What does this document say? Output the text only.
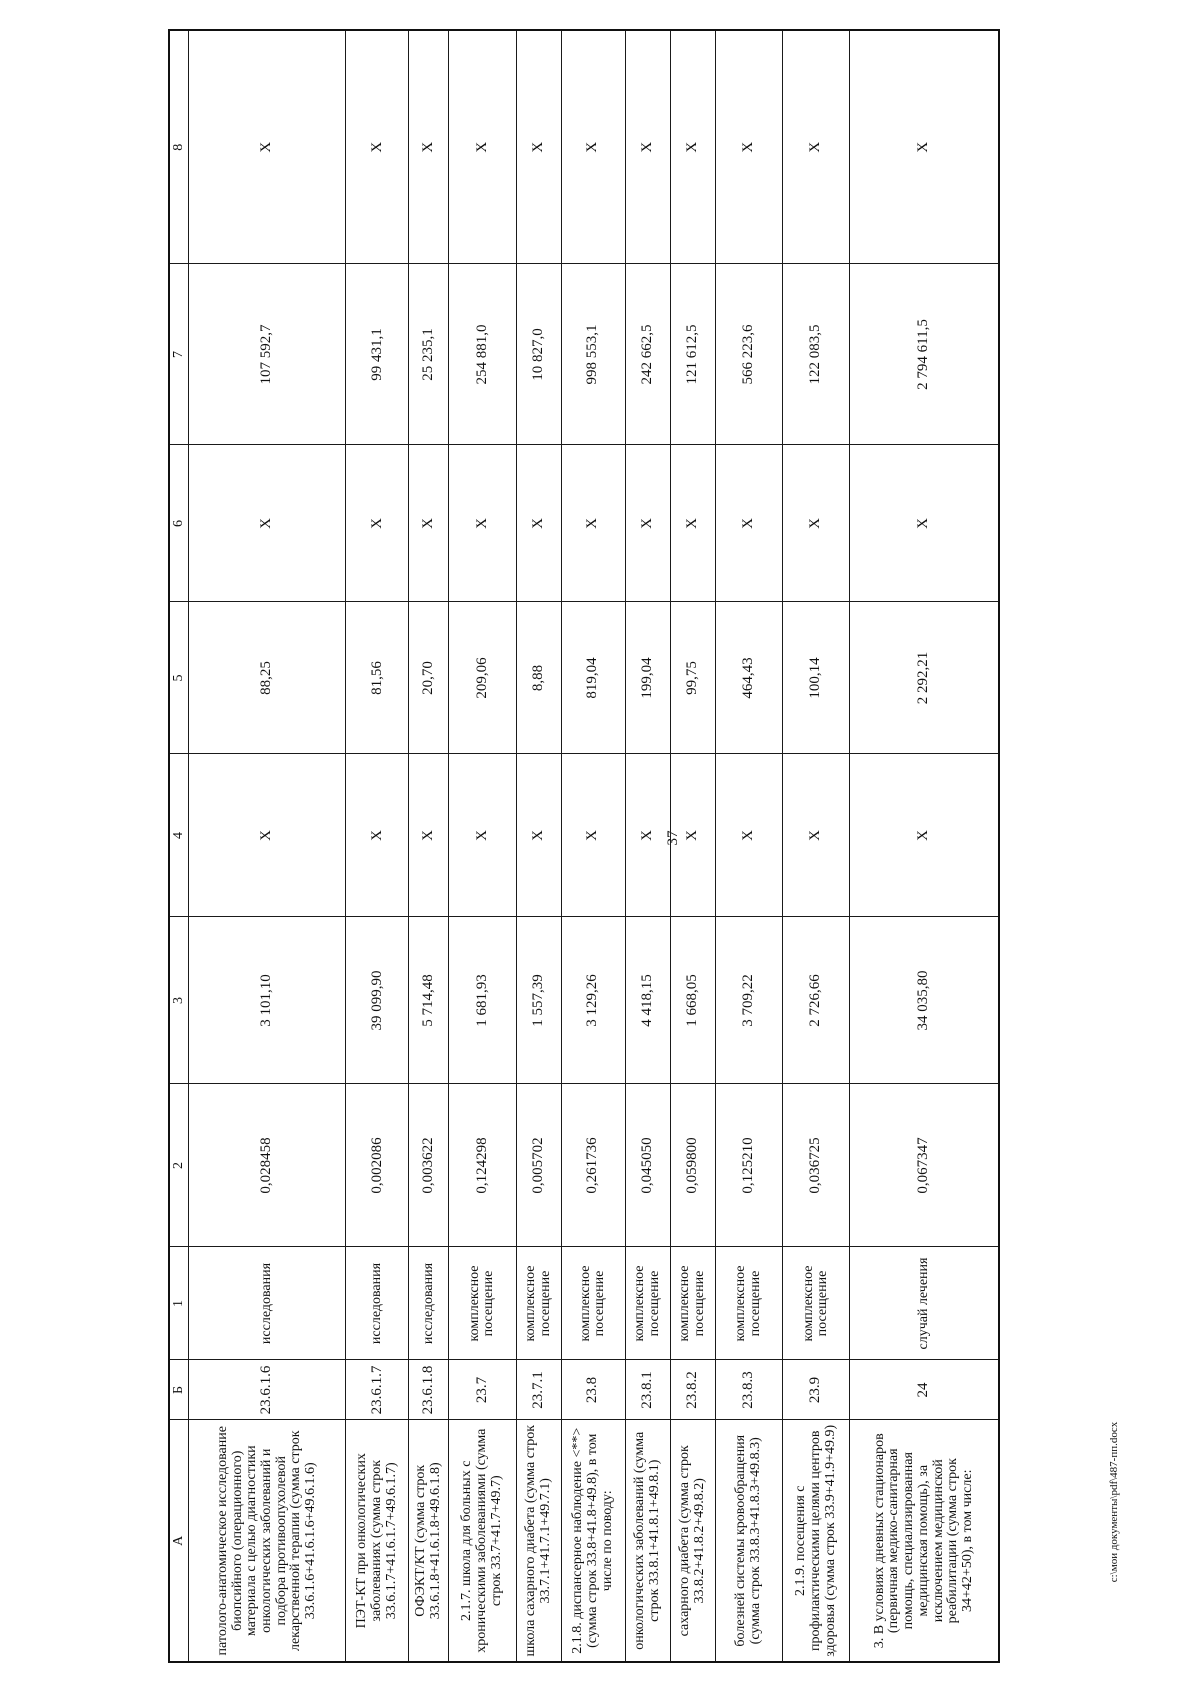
37
А	Б	1	2	3	4	5	6	7	8
патолого-анатомическое исследование биопсийного (операционного) материала с целью диагностики онкологических заболеваний и подбора противоопухолевой лекарственной терапии (сумма строк 33.6.1.6+41.6.1.6+49.6.1.6)	23.6.1.6	исследования	0,028458	3 101,10	Х	88,25	Х	107 592,7	Х
ПЭТ-КТ при онкологических заболеваниях (сумма строк 33.6.1.7+41.6.1.7+49.6.1.7)	23.6.1.7	исследования	0,002086	39 099,90	Х	81,56	Х	99 431,1	Х
ОФЭКТ/КТ (сумма строк 33.6.1.8+41.6.1.8+49.6.1.8)	23.6.1.8	исследования	0,003622	5 714,48	Х	20,70	Х	25 235,1	Х
2.1.7. школа для больных с хроническими заболеваниями (сумма строк 33.7+41.7+49.7)	23.7	комплексное посещение	0,124298	1 681,93	Х	209,06	Х	254 881,0	Х
школа сахарного диабета (сумма строк 33.7.1+41.7.1+49.7.1)	23.7.1	комплексное посещение	0,005702	1 557,39	Х	8,88	Х	10 827,0	Х
2.1.8. диспансерное наблюдение <**> (сумма строк 33.8+41.8+49.8), в том числе по поводу:	23.8	комплексное посещение	0,261736	3 129,26	Х	819,04	Х	998 553,1	Х
онкологических заболеваний (сумма строк 33.8.1+41.8.1+49.8.1)	23.8.1	комплексное посещение	0,045050	4 418,15	Х	199,04	Х	242 662,5	Х
сахарного диабета (сумма строк 33.8.2+41.8.2+49.8.2)	23.8.2	комплексное посещение	0,059800	1 668,05	Х	99,75	Х	121 612,5	Х
болезней системы кровообращения (сумма строк 33.8.3+41.8.3+49.8.3)	23.8.3	комплексное посещение	0,125210	3 709,22	Х	464,43	Х	566 223,6	Х
2.1.9. посещения с профилактическими целями центров здоровья (сумма строк 33.9+41.9+49.9)	23.9	комплексное посещение	0,036725	2 726,66	Х	100,14	Х	122 083,5	Х
3. В условиях дневных стационаров (первичная медико-санитарная помощь, специализированная медицинская помощь), за исключением медицинской реабилитации (сумма строк 34+42+50), в том числе:	24	случай лечения	0,067347	34 035,80	Х	2 292,21	Х	2 794 611,5	Х
c:\мои документы\pdf\487-пп.docx
